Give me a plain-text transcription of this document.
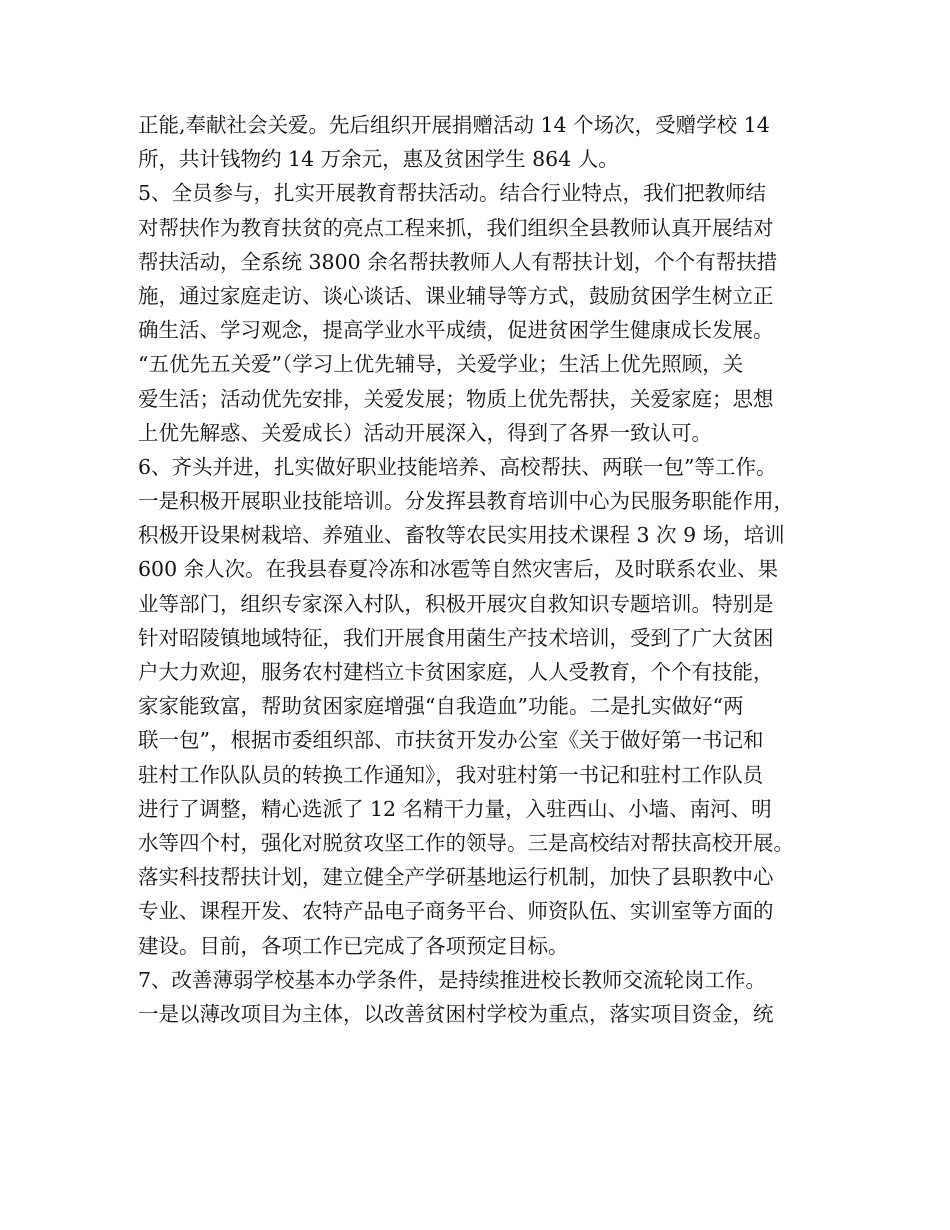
正能,奉献社会关爱。先后组织开展捐赠活动 14 个场次，受赠学校 14
所，共计钱物约 14 万余元，惠及贫困学生 864 人。
5、全员参与，扎实开展教育帮扶活动。结合行业特点，我们把教师结
对帮扶作为教育扶贫的亮点工程来抓，我们组织全县教师认真开展结对
帮扶活动，全系统 3800 余名帮扶教师人人有帮扶计划，个个有帮扶措
施，通过家庭走访、谈心谈话、课业辅导等方式，鼓励贫困学生树立正
确生活、学习观念，提高学业水平成绩，促进贫困学生健康成长发展。
“五优先五关爱”（学习上优先辅导，关爱学业；生活上优先照顾，关
爱生活；活动优先安排，关爱发展；物质上优先帮扶，关爱家庭；思想
上优先解惑、关爱成长）活动开展深入，得到了各界一致认可。
6、齐头并进，扎实做好职业技能培养、高校帮扶、两联一包”等工作。
一是积极开展职业技能培训。分发挥县教育培训中心为民服务职能作用，
积极开设果树栽培、养殖业、畜牧等农民实用技术课程 3 次 9 场，培训
600 余人次。在我县春夏冷冻和冰雹等自然灾害后，及时联系农业、果
业等部门，组织专家深入村队，积极开展灾自救知识专题培训。特别是
针对昭陵镇地域特征，我们开展食用菌生产技术培训，受到了广大贫困
户大力欢迎，服务农村建档立卡贫困家庭，人人受教育，个个有技能，
家家能致富，帮助贫困家庭增强“自我造血”功能。二是扎实做好“两
联一包”，根据市委组织部、市扶贫开发办公室《关于做好第一书记和
驻村工作队队员的转换工作通知》，我对驻村第一书记和驻村工作队员
进行了调整，精心选派了 12 名精干力量，入驻西山、小墙、南河、明
水等四个村，强化对脱贫攻坚工作的领导。三是高校结对帮扶高校开展。
落实科技帮扶计划，建立健全产学研基地运行机制，加快了县职教中心
专业、课程开发、农特产品电子商务平台、师资队伍、实训室等方面的
建设。目前，各项工作已完成了各项预定目标。
7、改善薄弱学校基本办学条件，是持续推进校长教师交流轮岗工作。
一是以薄改项目为主体，以改善贫困村学校为重点，落实项目资金，统
